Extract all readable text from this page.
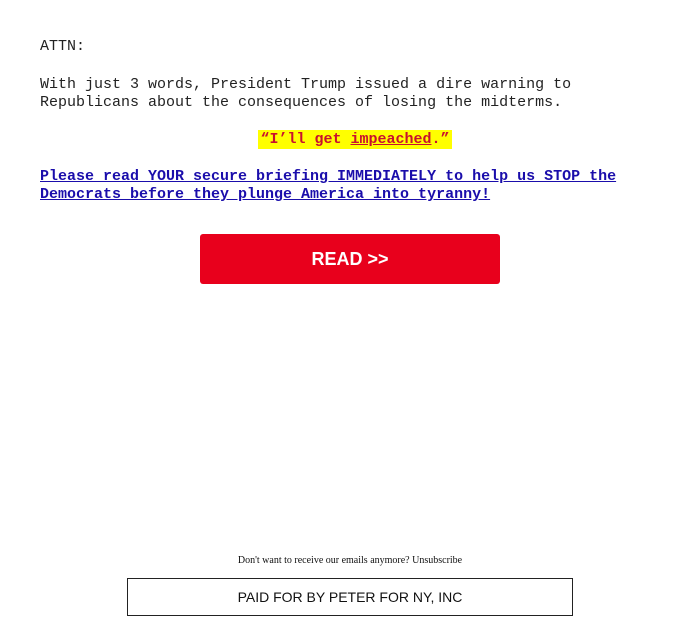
ATTN:

With just 3 words, President Trump issued a dire warning to
Republicans about the consequences of losing the midterms.

“I’ll get impeached.”
Please read YOUR secure briefing IMMEDIATELY to help us STOP the
Democrats before they plunge America into tyranny!
READ >>
Don't want to receive our emails anymore? Unsubscribe
PAID FOR BY PETER FOR NY, INC
